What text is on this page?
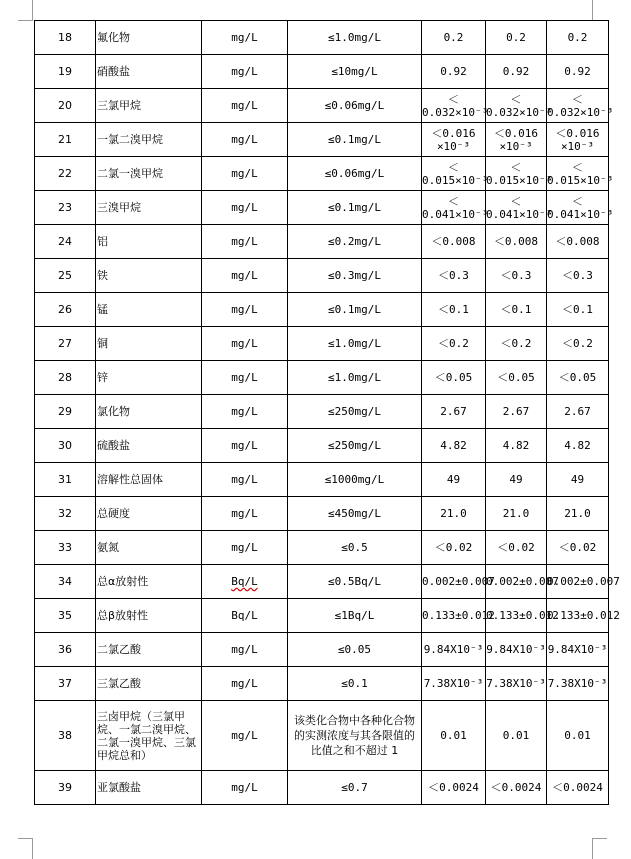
18	氟化物	mg/L	≤1.0mg/L	0.2	0.2	0.2
19	硝酸盐	mg/L	≤10mg/L	0.92	0.92	0.92
20	三氯甲烷	mg/L	≤0.06mg/L	＜0.032×10⁻³	＜0.032×10⁻³	＜0.032×10⁻³
21	一氯二溴甲烷	mg/L	≤0.1mg/L	＜0.016 ×10⁻³	＜0.016 ×10⁻³	＜0.016 ×10⁻³
22	二氯一溴甲烷	mg/L	≤0.06mg/L	＜0.015×10⁻³	＜0.015×10⁻³	＜0.015×10⁻³
23	三溴甲烷	mg/L	≤0.1mg/L	＜0.041×10⁻³	＜0.041×10⁻³	＜0.041×10⁻³
24	铝	mg/L	≤0.2mg/L	＜0.008	＜0.008	＜0.008
25	铁	mg/L	≤0.3mg/L	＜0.3	＜0.3	＜0.3
26	锰	mg/L	≤0.1mg/L	＜0.1	＜0.1	＜0.1
27	铜	mg/L	≤1.0mg/L	＜0.2	＜0.2	＜0.2
28	锌	mg/L	≤1.0mg/L	＜0.05	＜0.05	＜0.05
29	氯化物	mg/L	≤250mg/L	2.67	2.67	2.67
30	硫酸盐	mg/L	≤250mg/L	4.82	4.82	4.82
31	溶解性总固体	mg/L	≤1000mg/L	49	49	49
32	总硬度	mg/L	≤450mg/L	21.0	21.0	21.0
33	氨氮	mg/L	≤0.5	＜0.02	＜0.02	＜0.02
34	总α放射性	Bq/L	≤0.5Bq/L	0.002±0.007	0.002±0.007	0.002±0.007
35	总β放射性	Bq/L	≤1Bq/L	0.133±0.012	0.133±0.012	0.133±0.012
36	二氯乙酸	mg/L	≤0.05	9.84X10⁻³	9.84X10⁻³	9.84X10⁻³
37	三氯乙酸	mg/L	≤0.1	7.38X10⁻³	7.38X10⁻³	7.38X10⁻³
38	三卤甲烷（三氯甲烷、一氯二溴甲烷、二氯一溴甲烷、三氯甲烷总和）	mg/L	该类化合物中各种化合物的实测浓度与其各限值的比值之和不超过 1	0.01	0.01	0.01
39	亚氯酸盐	mg/L	≤0.7	＜0.0024	＜0.0024	＜0.0024
